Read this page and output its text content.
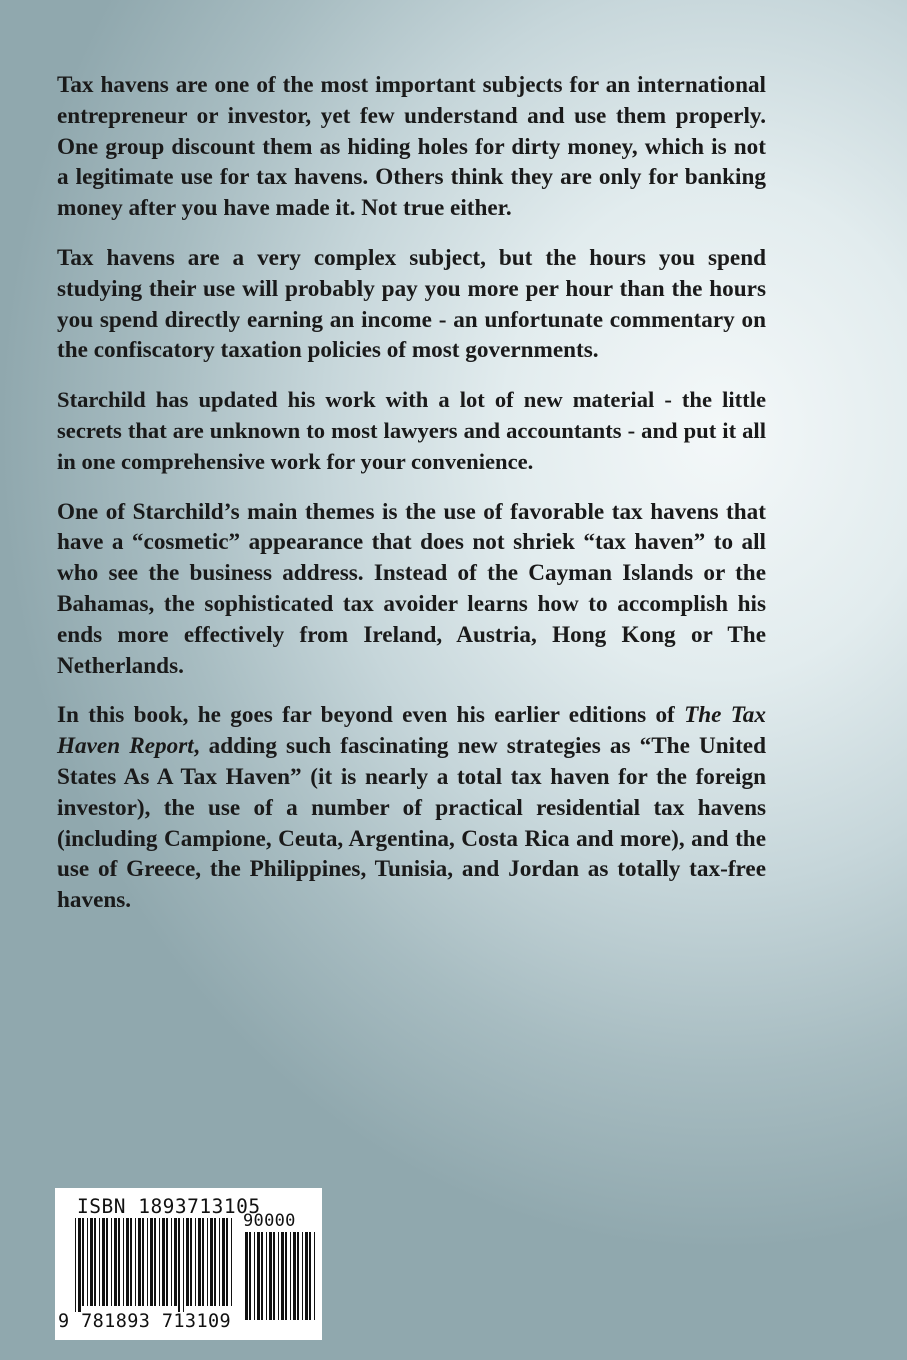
Tax havens are one of the most important subjects for an international entrepreneur or investor, yet few understand and use them properly. One group discount them as hiding holes for dirty money, which is not a legitimate use for tax havens. Others think they are only for banking money after you have made it. Not true either.

Tax havens are a very complex subject, but the hours you spend studying their use will probably pay you more per hour than the hours you spend directly earning an income - an unfortunate commentary on the confiscatory taxation policies of most governments.

Starchild has updated his work with a lot of new material - the little secrets that are unknown to most lawyers and accountants - and put it all in one comprehensive work for your convenience.

One of Starchild’s main themes is the use of favorable tax havens that have a “cosmetic” appearance that does not shriek “tax haven” to all who see the business address. Instead of the Cayman Islands or the Bahamas, the sophisticated tax avoider learns how to accomplish his ends more effectively from Ireland, Austria, Hong Kong or The Netherlands.

In this book, he goes far beyond even his earlier editions of The Tax Haven Report, adding such fascinating new strategies as “The United States As A Tax Haven” (it is nearly a total tax haven for the foreign investor), the use of a number of practical residential tax havens (including Campione, Ceuta, Argentina, Costa Rica and more), and the use of Greece, the Philippines, Tunisia, and Jordan as totally tax-free havens.

ISBN 1893713105
90000
9 781893 713109
